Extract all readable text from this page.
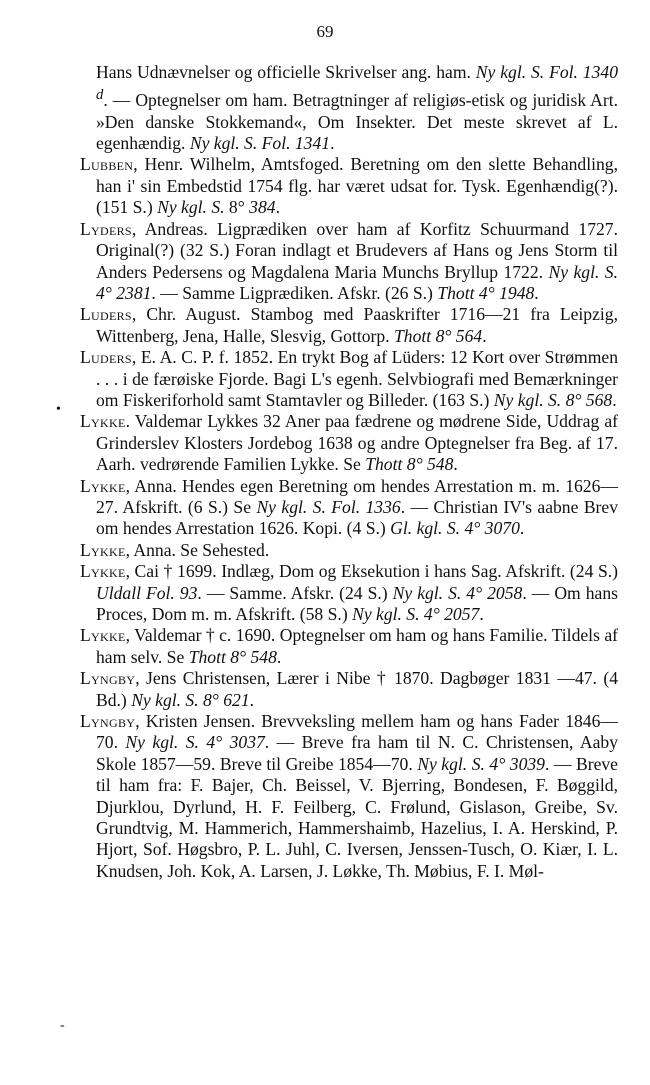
69
•
-

Hans Udnævnelser og officielle Skrivelser ang. ham. Ny kgl. S. Fol. 1340 $^d$. — Optegnelser om ham. Betragtninger af religiøs-etisk og juridisk Art. »Den danske Stokkemand«, Om Insekter. Det meste skrevet af L. egenhændig. Ny kgl. S. Fol. 1341.

Lubben, Henr. Wilhelm, Amtsfoged. Beretning om den slette Behandling, han i' sin Embedstid 1754 flg. har været udsat for. Tysk. Egenhændig(?). (151 S.) Ny kgl. S. 8° 384.

Lyders, Andreas. Ligprædiken over ham af Korfitz Schuurmand 1727. Original(?) (32 S.) Foran indlagt et Brudevers af Hans og Jens Storm til Anders Pedersens og Magdalena Maria Munchs Bryllup 1722. Ny kgl. S. 4° 2381. — Samme Ligprædiken. Afskr. (26 S.) Thott 4° 1948.

Luders, Chr. August. Stambog med Paaskrifter 1716—21 fra Leipzig, Wittenberg, Jena, Halle, Slesvig, Gottorp. Thott 8° 564.

Luders, E. A. C. P. f. 1852. En trykt Bog af Lüders: 12 Kort over Strømmen . . . i de færøiske Fjorde. Bagi L's egenh. Selvbiografi med Bemærkninger om Fiskeriforhold samt Stamtavler og Billeder. (163 S.) Ny kgl. S. 8° 568.

Lykke. Valdemar Lykkes 32 Aner paa fædrene og mødrene Side, Uddrag af Grinderslev Klosters Jordebog 1638 og andre Optegnelser fra Beg. af 17. Aarh. vedrørende Familien Lykke. Se Thott 8° 548.

Lykke, Anna. Hendes egen Beretning om hendes Arrestation m. m. 1626—27. Afskrift. (6 S.) Se Ny kgl. S. Fol. 1336. — Christian IV's aabne Brev om hendes Arrestation 1626. Kopi. (4 S.) Gl. kgl. S. 4° 3070.

Lykke, Anna. Se Sehested.

Lykke, Cai † 1699. Indlæg, Dom og Eksekution i hans Sag. Afskrift. (24 S.) Uldall Fol. 93. — Samme. Afskr. (24 S.) Ny kgl. S. 4° 2058. — Om hans Proces, Dom m. m. Afskrift. (58 S.) Ny kgl. S. 4° 2057.

Lykke, Valdemar † c. 1690. Optegnelser om ham og hans Familie. Tildels af ham selv. Se Thott 8° 548.

Lyngby, Jens Christensen, Lærer i Nibe † 1870. Dagbøger 1831 —47. (4 Bd.) Ny kgl. S. 8° 621.

Lyngby, Kristen Jensen. Brevveksling mellem ham og hans Fader 1846—70. Ny kgl. S. 4° 3037. — Breve fra ham til N. C. Christensen, Aaby Skole 1857—59. Breve til Greibe 1854—70. Ny kgl. S. 4° 3039. — Breve til ham fra: F. Bajer, Ch. Beissel, V. Bjerring, Bondesen, F. Bøggild, Djurklou, Dyrlund, H. F. Feilberg, C. Frølund, Gislason, Greibe, Sv. Grundtvig, M. Hammerich, Hammershaimb, Hazelius, I. A. Herskind, P. Hjort, Sof. Høgsbro, P. L. Juhl, C. Iversen, Jenssen-Tusch, O. Kiær, I. L. Knudsen, Joh. Kok, A. Larsen, J. Løkke, Th. Møbius, F. I. Møl-
